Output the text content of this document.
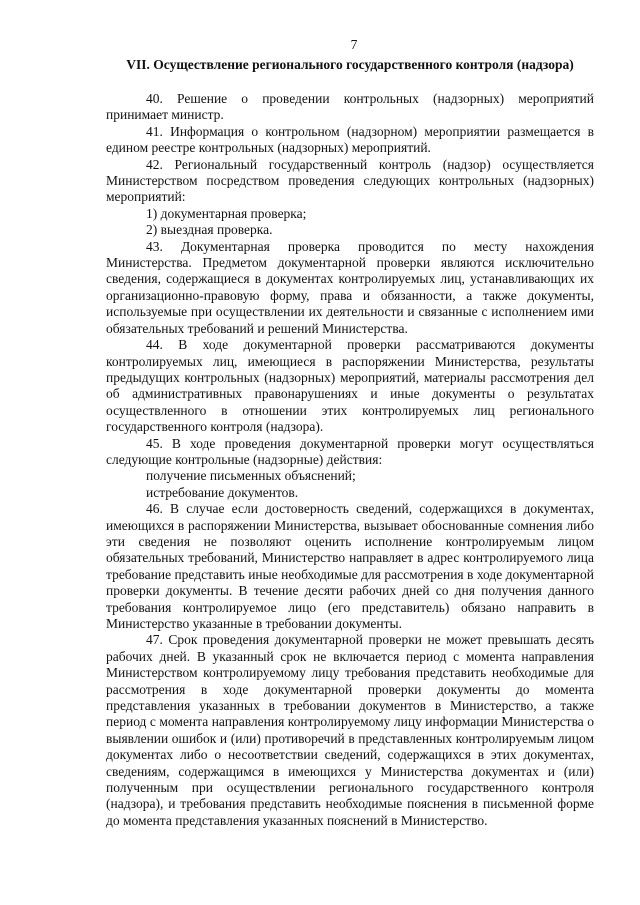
7
VII. Осуществление регионального государственного контроля (надзора)

40. Решение о проведении контрольных (надзорных) мероприятий принимает министр.

41. Информация о контрольном (надзорном) мероприятии размещается в едином реестре контрольных (надзорных) мероприятий.

42. Региональный государственный контроль (надзор) осуществляется Министерством посредством проведения следующих контрольных (надзорных) мероприятий:

1) документарная проверка;

2) выездная проверка.

43. Документарная проверка проводится по месту нахождения Министерства. Предметом документарной проверки являются исключительно сведения, содержащиеся в документах контролируемых лиц, устанавливающих их организационно-правовую форму, права и обязанности, а также документы, используемые при осуществлении их деятельности и связанные с исполнением ими обязательных требований и решений Министерства.

44. В ходе документарной проверки рассматриваются документы контролируемых лиц, имеющиеся в распоряжении Министерства, результаты предыдущих контрольных (надзорных) мероприятий, материалы рассмотрения дел об административных правонарушениях и иные документы о результатах осуществленного в отношении этих контролируемых лиц регионального государственного контроля (надзора).

45. В ходе проведения документарной проверки могут осуществляться следующие контрольные (надзорные) действия:

получение письменных объяснений;

истребование документов.

46. В случае если достоверность сведений, содержащихся в документах, имеющихся в распоряжении Министерства, вызывает обоснованные сомнения либо эти сведения не позволяют оценить исполнение контролируемым лицом обязательных требований, Министерство направляет в адрес контролируемого лица требование представить иные необходимые для рассмотрения в ходе документарной проверки документы. В течение десяти рабочих дней со дня получения данного требования контролируемое лицо (его представитель) обязано направить в Министерство указанные в требовании документы.

47. Срок проведения документарной проверки не может превышать десять рабочих дней. В указанный срок не включается период с момента направления Министерством контролируемому лицу требования представить необходимые для рассмотрения в ходе документарной проверки документы до момента представления указанных в требовании документов в Министерство, а также период с момента направления контролируемому лицу информации Министерства о выявлении ошибок и (или) противоречий в представленных контролируемым лицом документах либо о несоответствии сведений, содержащихся в этих документах, сведениям, содержащимся в имеющихся у Министерства документах и (или) полученным при осуществлении регионального государственного контроля (надзора), и требования представить необходимые пояснения в письменной форме до момента представления указанных пояснений в Министерство.
